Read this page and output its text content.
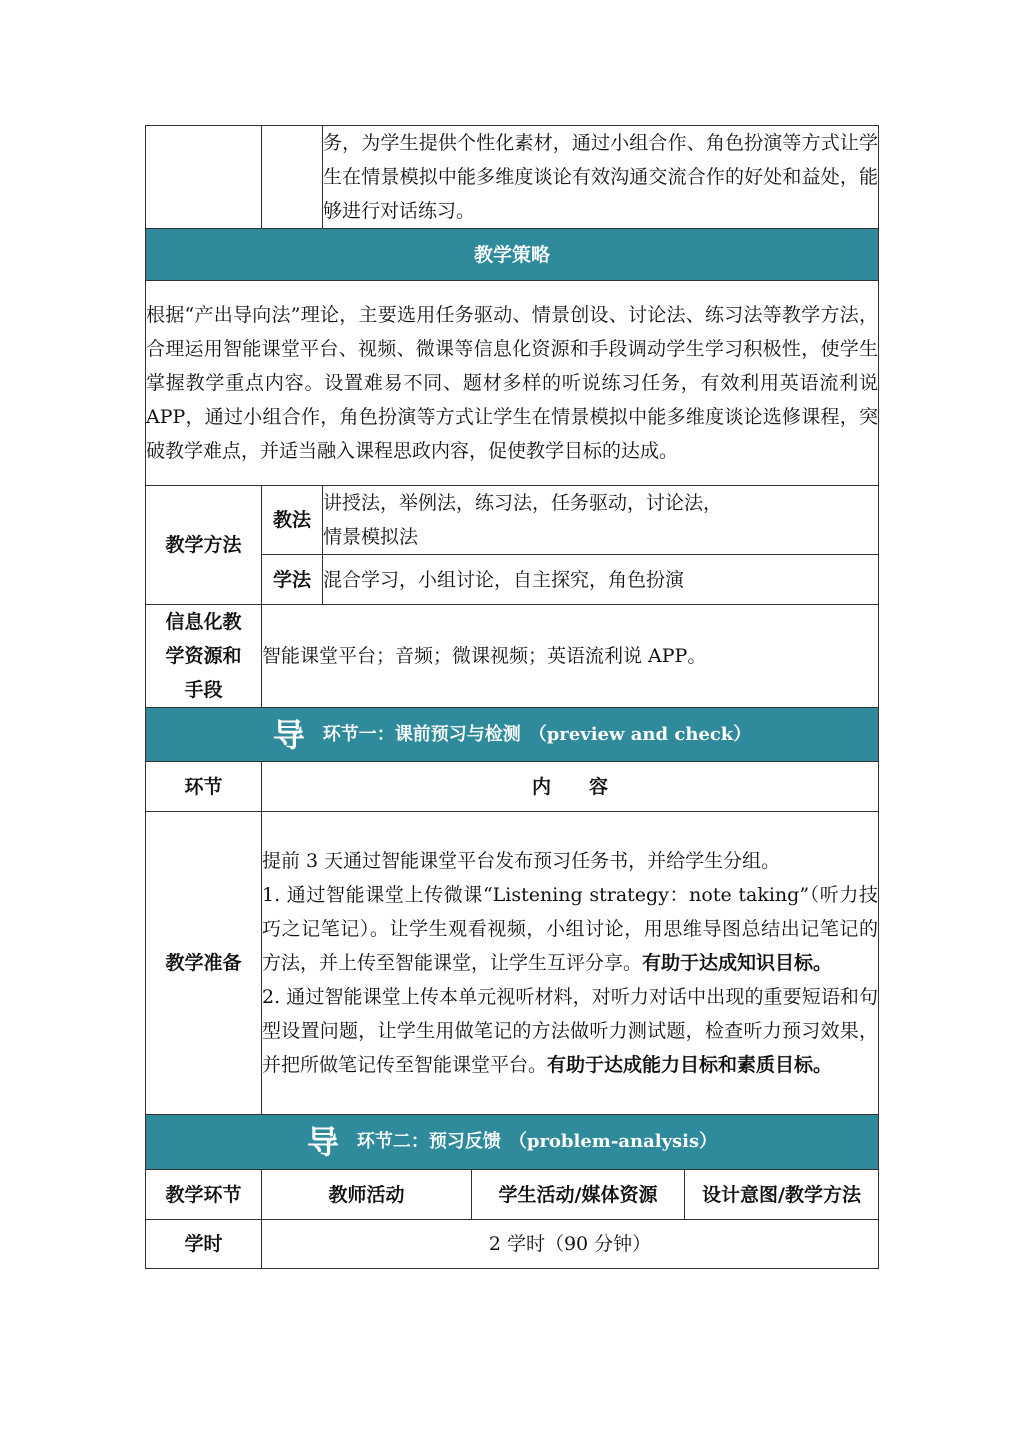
		务，为学生提供个性化素材，通过小组合作、角色扮演等方式让学生在情景模拟中能多维度谈论有效沟通交流合作的好处和益处，能够进行对话练习。		
教学策略				
根据“产出导向法”理论，主要选用任务驱动、情景创设、讨论法、练习法等教学方法，合理运用智能课堂平台、视频、微课等信息化资源和手段调动学生学习积极性，使学生掌握教学重点内容。设置难易不同、题材多样的听说练习任务，有效利用英语流利说 APP，通过小组合作，角色扮演等方式让学生在情景模拟中能多维度谈论选修课程，突破教学难点，并适当融入课程思政内容，促使教学目标的达成。				
教学方法	教法	讲授法，举例法，练习法，任务驱动，讨论法，
情景模拟法		
	学法	混合学习，小组讨论，自主探究，角色扮演		

信息化教
学资源和
手段	智能课堂平台；音频；微课视频；英语流利说 APP。			

导 环节一：课前预习与检测 （preview and check）				

环节	内　　容			
教学准备	提前 3 天通过智能课堂平台发布预习任务书，并给学生分组。
1. 通过智能课堂上传微课“Listening strategy：note taking”（听力技巧之记笔记）。让学生观看视频，小组讨论，用思维导图总结出记笔记的方法，并上传至智能课堂，让学生互评分享。有助于达成知识目标。
2. 通过智能课堂上传本单元视听材料，对听力对话中出现的重要短语和句型设置问题，让学生用做笔记的方法做听力测试题，检查听力预习效果，并把所做笔记传至智能课堂平台。有助于达成能力目标和素质目标。			

导 环节二：预习反馈 （problem-analysis）				

教学环节	教师活动		学生活动/媒体资源	设计意图/教学方法
学时	2 学时（90 分钟）			
